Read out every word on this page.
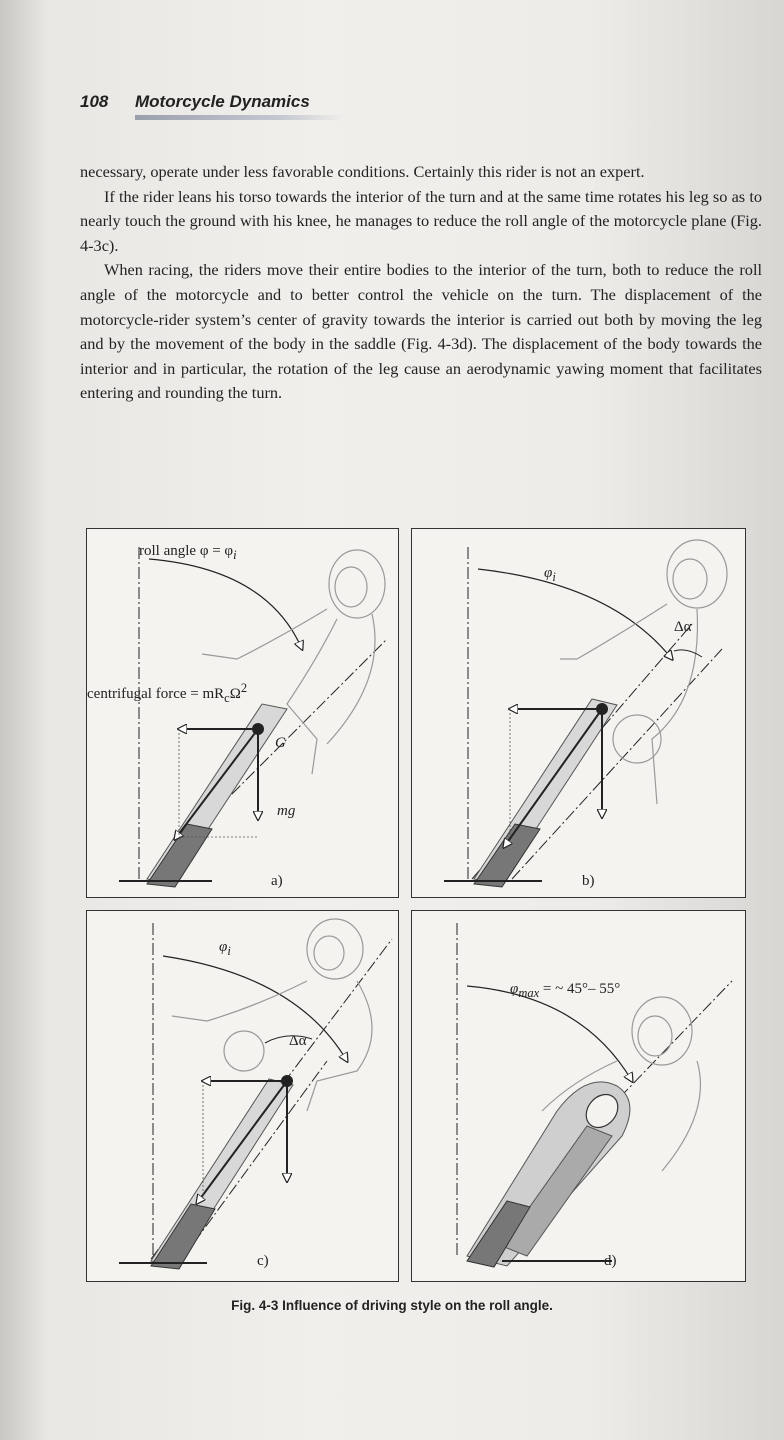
108 Motorcycle Dynamics

necessary, operate under less favorable conditions. Certainly this rider is not an expert.

If the rider leans his torso towards the interior of the turn and at the same time rotates his leg so as to nearly touch the ground with his knee, he manages to reduce the roll angle of the motorcycle plane (Fig. 4-3c).

When racing, the riders move their entire bodies to the interior of the turn, both to reduce the roll angle of the motorcycle and to better control the vehicle on the turn. The displacement of the motorcycle-rider system’s center of gravity towards the interior is carried out both by moving the leg and by the movement of the body in the saddle (Fig. 4-3d). The displacement of the body towards the interior and in particular, the rotation of the leg cause an aerodynamic yawing moment that facilitates entering and rounding the turn.

roll angle $\varphi = \varphi_i$
centrifugal force = $mR_c\Omega^2$
G
mg
a)
$\varphi_i$
Δα
b)
$\varphi_i$
Δα
c)
$\varphi_{max}$ = ~ 45°– 55°
d)
Fig. 4-3 Influence of driving style on the roll angle.
